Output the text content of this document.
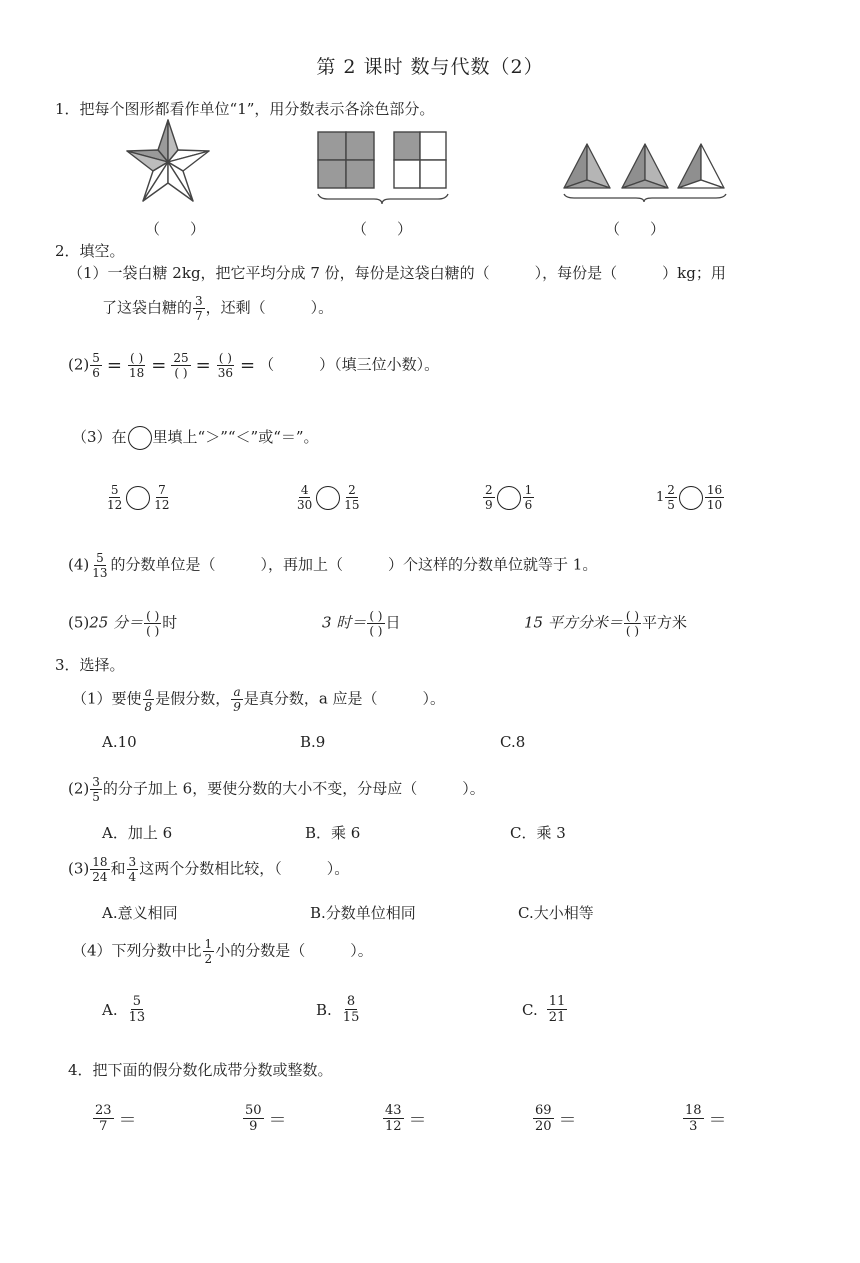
第 2 课时 数与代数（2）
1．把每个图形都看作单位“1”，用分数表示各涂色部分。
（　　）	（　　）	（　　）
2．填空。
（1）一袋白糖 2kg，把它平均分成 7 份，每份是这袋白糖的（　　　），每份是（　　　）kg；用
了这袋白糖的 $\frac{3}{7}$ ，还剩（　　　）。
$(2) \frac{5}{6} = \frac{( )}{18} = \frac{25}{( )} = \frac{( )}{36}$ = （　　　）（填三位小数）。
（3）在 里填上“＞”“＜”或“＝”。
$\frac{5}{12} \frac{7}{12}$	$\frac{4}{30} \frac{2}{15}$	$\frac{2}{9} \frac{1}{6}$	$1 \frac{2}{5} \frac{16}{10}$
$(4) \frac{5}{13}$ 的分数单位是（　　　），再加上（　　　）个这样的分数单位就等于 1。
(5)25 分＝ $\frac{( )}{( )}$ 时	3 时＝ $\frac{( )}{( )}$ 日	15 平方分米＝ $\frac{( )}{( )}$ 平方米
3．选择。
（1）要使 $\frac{a}{8}$ 是假分数， $\frac{a}{9}$ 是真分数，a 应是（　　　）。
A.10	B.9	C.8
$(2) \frac{3}{5}$ 的分子加上 6，要使分数的大小不变，分母应（　　　）。
A．加上 6	B．乘 6	C．乘 3
$(3) \frac{18}{24}$ 和 $\frac{3}{4}$ 这两个分数相比较，（　　　）。
A.意义相同	B.分数单位相同	C.大小相等
（4）下列分数中比 $\frac{1}{2}$ 小的分数是（　　　）。
A. $\frac{5}{13}$	B. $\frac{8}{15}$	C. $\frac{11}{21}$
4．把下面的假分数化成带分数或整数。
$\frac{23}{7}$ ＝	$\frac{50}{9}$ ＝	$\frac{43}{12}$ ＝	$\frac{69}{20}$ ＝	$\frac{18}{3}$ ＝
